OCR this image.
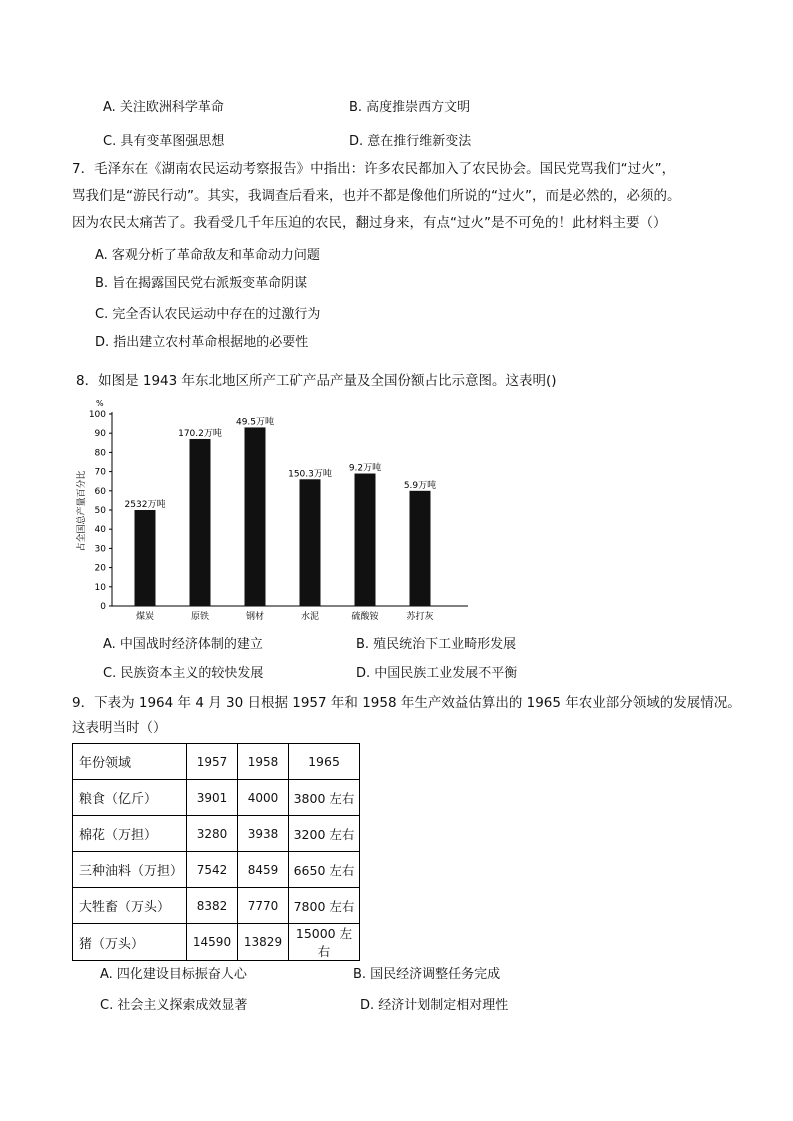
A. 关注欧洲科学革命	B. 高度推崇西方文明
C. 具有变革图强思想	D. 意在推行维新变法
7．毛泽东在《湖南农民运动考察报告》中指出：许多农民都加入了农民协会。国民党骂我们“过火”，
骂我们是“游民行动”。其实，我调查后看来，也并不都是像他们所说的“过火”，而是必然的，必须的。
因为农民太痛苦了。我看受几千年压迫的农民，翻过身来，有点“过火”是不可免的！此材料主要（）
A. 客观分析了革命敌友和革命动力问题
B. 旨在揭露国民党右派叛变革命阴谋
C. 完全否认农民运动中存在的过激行为
D. 指出建立农村革命根据地的必要性
8．如图是 1943 年东北地区所产工矿产品产量及全国份额占比示意图。这表明()
%
占全国总产量百分比
0
10
20
30
40
50
60
70
80
90
100
2532万吨
170.2万吨
49.5万吨
150.3万吨
9.2万吨
5.9万吨
煤炭	原铁	钢材	水泥	硫酸铵	苏打灰
A. 中国战时经济体制的建立	B. 殖民统治下工业畸形发展
C. 民族资本主义的较快发展	D. 中国民族工业发展不平衡
9．下表为 1964 年 4 月 30 日根据 1957 年和 1958 年生产效益估算出的 1965 年农业部分领域的发展情况。
这表明当时（）
年份领域	1957	1958	1965
粮食（亿斤）	3901	4000	3800 左右
棉花（万担）	3280	3938	3200 左右
三种油料（万担）	7542	8459	6650 左右
大牲畜（万头）	8382	7770	7800 左右
猪（万头）	14590	13829	15000 左右
A. 四化建设目标振奋人心	B. 国民经济调整任务完成
C. 社会主义探索成效显著	D. 经济计划制定相对理性
